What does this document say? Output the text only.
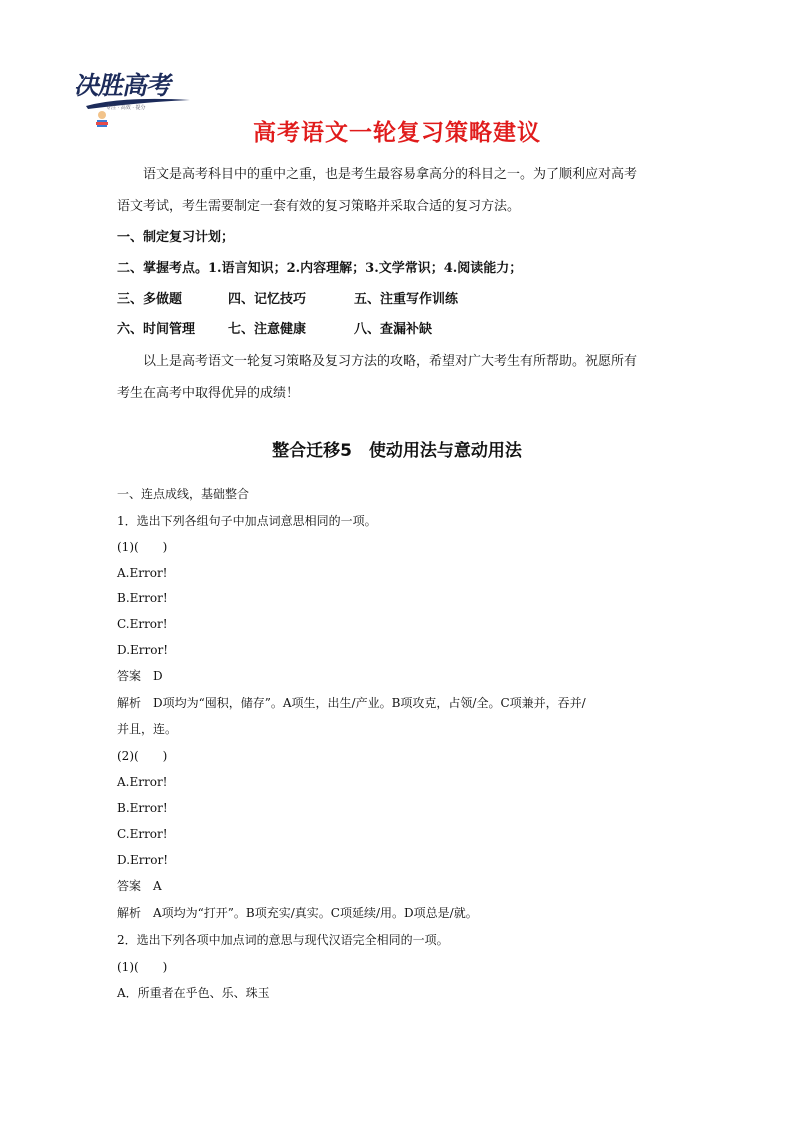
决胜高考
专注 · 高效 · 提分
高考语文一轮复习策略建议
语文是高考科目中的重中之重，也是考生最容易拿高分的科目之一。为了顺利应对高考
语文考试，考生需要制定一套有效的复习策略并采取合适的复习方法。
一、制定复习计划；
二、掌握考点。1.语言知识；2.内容理解；3.文学常识；4.阅读能力；
三、多做题	四、记忆技巧	五、注重写作训练
六、时间管理	七、注意健康	八、查漏补缺
以上是高考语文一轮复习策略及复习方法的攻略，希望对广大考生有所帮助。祝愿所有
考生在高考中取得优异的成绩！
整合迁移5　使动用法与意动用法
一、连点成线，基础整合
1．选出下列各组句子中加点词意思相同的一项。
(1)(　　)
A.Error!
B.Error!
C.Error!
D.Error!
答案　D
解析　D项均为“囤积，储存”。A项生，出生/产业。B项攻克，占领/全。C项兼并，吞并/
并且，连。
(2)(　　)
A.Error!
B.Error!
C.Error!
D.Error!
答案　A
解析　A项均为“打开”。B项充实/真实。C项延续/用。D项总是/就。
2．选出下列各项中加点词的意思与现代汉语完全相同的一项。
(1)(　　)
A．所重者在乎色、乐、珠玉
